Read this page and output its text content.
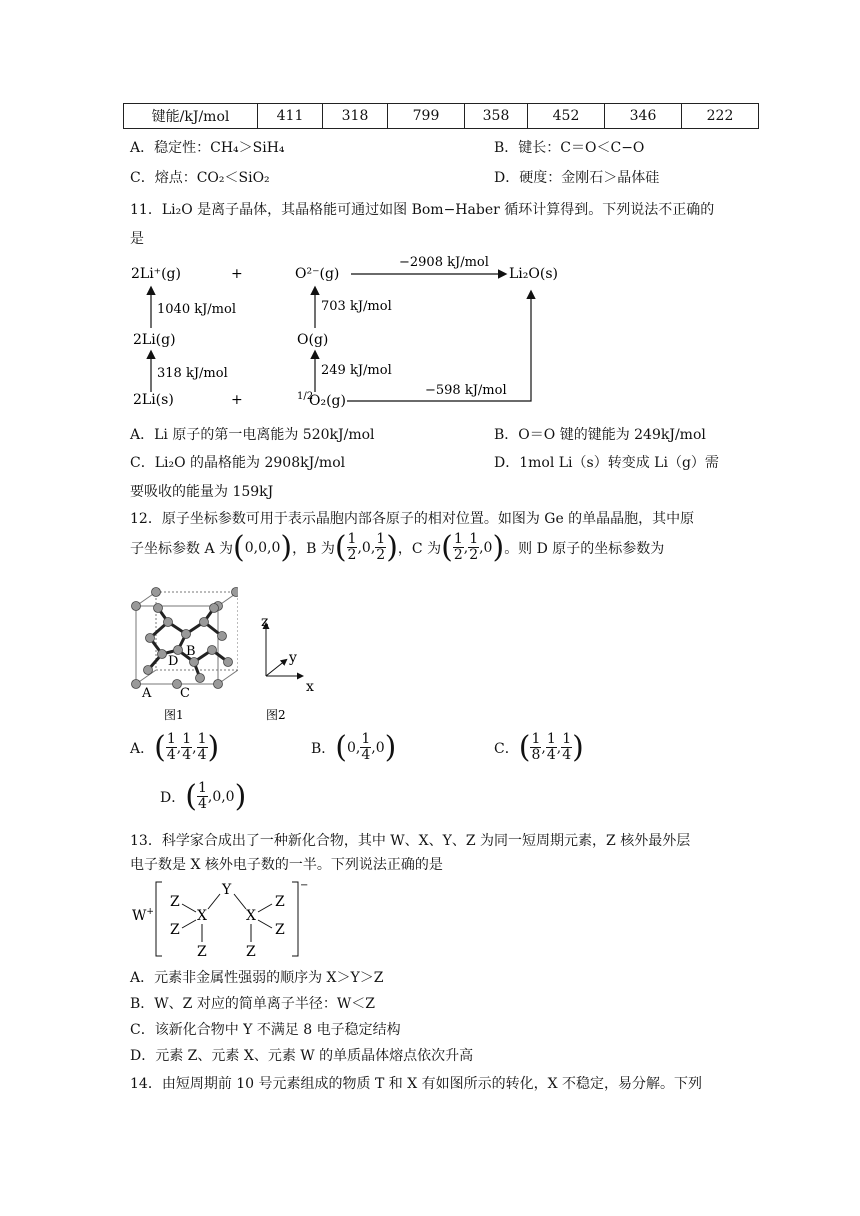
键能/kJ/mol	411	318	799	358	452	346	222
A．稳定性：CH₄＞SiH₄	B．键长：C＝O＜C−O
C．熔点：CO₂＜SiO₂	D．硬度：金刚石＞晶体硅
11．Li₂O 是离子晶体，其晶格能可通过如图 Bom−Haber 循环计算得到。下列说法不正确的
是
2Li⁺(g)	+	O²⁻(g)
−2908 kJ/mol
Li₂O(s)
1040 kJ/mol	703 kJ/mol
2Li(g)	O(g)
318 kJ/mol	249 kJ/mol
2Li(s)	+	1/2
O₂(g)
−598 kJ/mol
A．Li 原子的第一电离能为 520kJ/mol	B．O＝O 键的键能为 249kJ/mol
C．Li₂O 的晶格能为 2908kJ/mol	D．1mol Li（s）转变成 Li（g）需
要吸收的能量为 159kJ
12．原子坐标参数可用于表示晶胞内部各原子的相对位置。如图为 Ge 的单晶晶胞，其中原
子坐标参数 A 为 ( 0,0,0 ) ，B 为 ( $\frac{1}{2} ,0$, $\frac{1}{2}$ ) ，C 为 ( $\frac{1}{2}$ , $\frac{1}{2} ,0$ ) 。则 D 原子的坐标参数为
A C
B
D
图1
z
y
x
图2
A． ( $\frac{1}{4}$ , $\frac{1}{4}$ , $\frac{1}{4}$ )	B． ( 0, $\frac{1}{4} ,0$ )	C． ( $\frac{1}{8}$ , $\frac{1}{4}$ , $\frac{1}{4}$ )
D． ( $\frac{1}{4} ,0,0$ )
13．科学家合成出了一种新化合物，其中 W、X、Y、Z 为同一短周期元素，Z 核外最外层
电子数是 X 核外电子数的一半。下列说法正确的是
W+
−
Y
X	X
Z
Z
Z
Z
Z
Z
A．元素非金属性强弱的顺序为 X＞Y＞Z
B．W、Z 对应的简单离子半径：W＜Z
C．该新化合物中 Y 不满足 8 电子稳定结构
D．元素 Z、元素 X、元素 W 的单质晶体熔点依次升高
14．由短周期前 10 号元素组成的物质 T 和 X 有如图所示的转化，X 不稳定，易分解。下列
